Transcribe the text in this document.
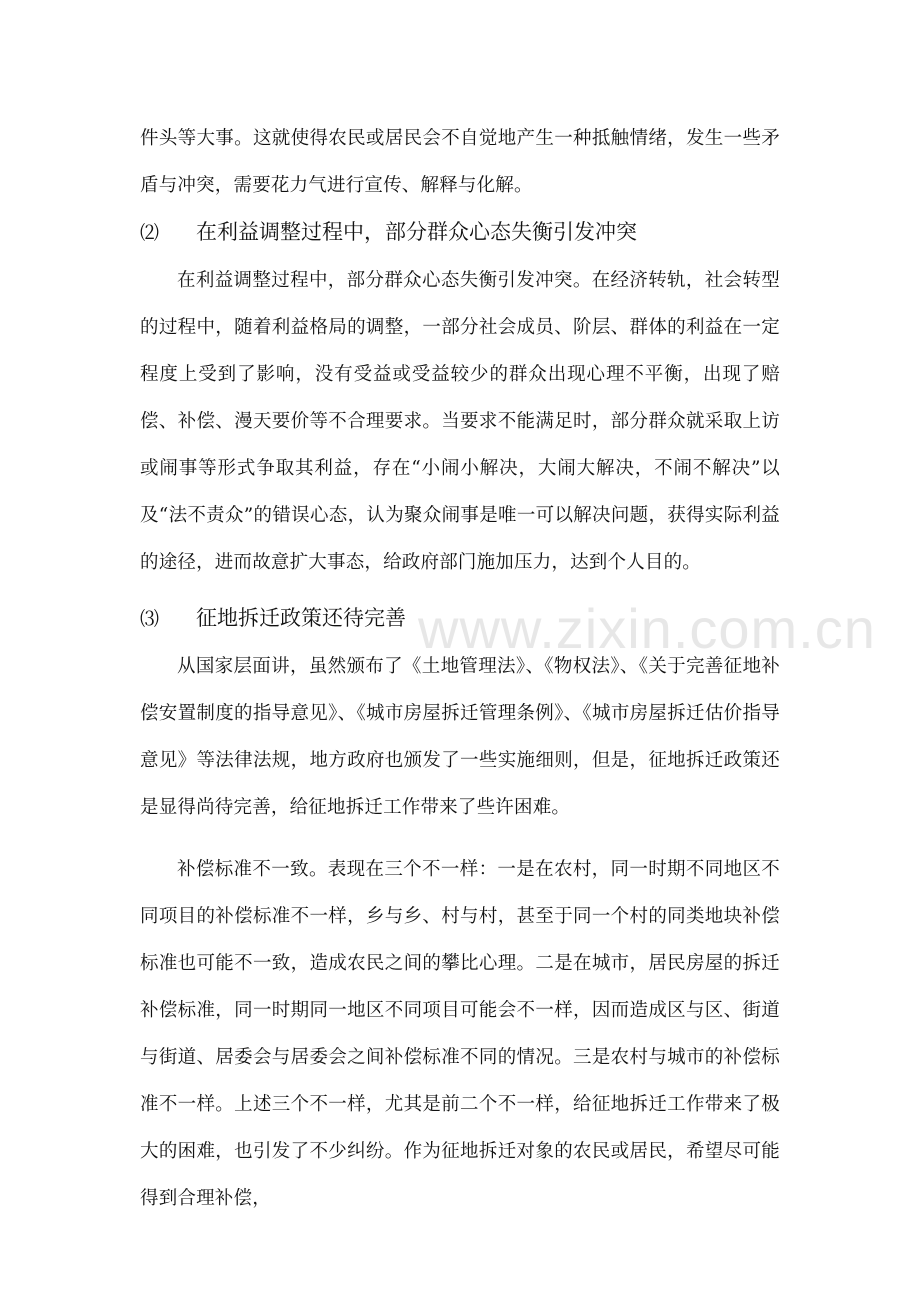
件头等大事。这就使得农民或居民会不自觉地产生一种抵触情绪，发生一些矛盾与冲突，需要花力气进行宣传、解释与化解。

⑵ 在利益调整过程中，部分群众心态失衡引发冲突

在利益调整过程中，部分群众心态失衡引发冲突。在经济转轨，社会转型的过程中，随着利益格局的调整，一部分社会成员、阶层、群体的利益在一定程度上受到了影响，没有受益或受益较少的群众出现心理不平衡，出现了赔偿、补偿、漫天要价等不合理要求。当要求不能满足时，部分群众就采取上访或闹事等形式争取其利益，存在“小闹小解决，大闹大解决，不闹不解决”以及“法不责众”的错误心态，认为聚众闹事是唯一可以解决问题，获得实际利益的途径，进而故意扩大事态，给政府部门施加压力，达到个人目的。

⑶ 征地拆迁政策还待完善

从国家层面讲，虽然颁布了《土地管理法》、《物权法》、《关于完善征地补偿安置制度的指导意见》、《城市房屋拆迁管理条例》、《城市房屋拆迁估价指导意见》等法律法规，地方政府也颁发了一些实施细则，但是，征地拆迁政策还是显得尚待完善，给征地拆迁工作带来了些许困难。

补偿标准不一致。表现在三个不一样：一是在农村，同一时期不同地区不同项目的补偿标准不一样，乡与乡、村与村，甚至于同一个村的同类地块补偿标准也可能不一致，造成农民之间的攀比心理。二是在城市，居民房屋的拆迁补偿标准，同一时期同一地区不同项目可能会不一样，因而造成区与区、街道与街道、居委会与居委会之间补偿标准不同的情况。三是农村与城市的补偿标准不一样。上述三个不一样，尤其是前二个不一样，给征地拆迁工作带来了极大的困难，也引发了不少纠纷。作为征地拆迁对象的农民或居民，希望尽可能得到合理补偿，

www.zixin.com.cn
